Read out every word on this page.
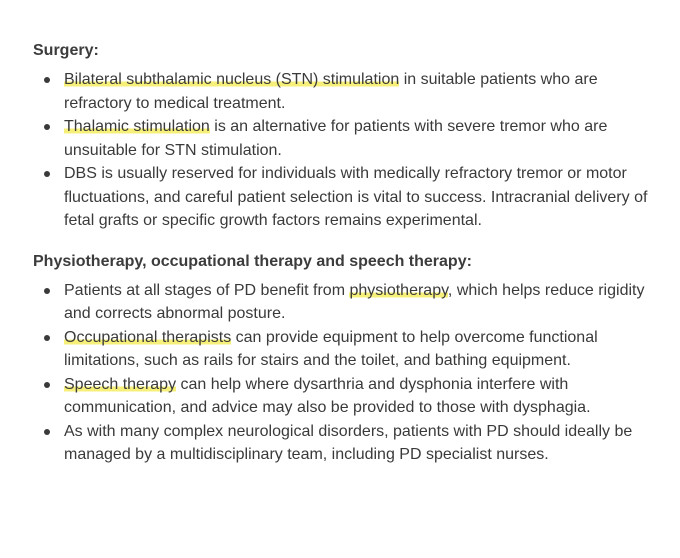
Surgery:
Bilateral subthalamic nucleus (STN) stimulation in suitable patients who are refractory to medical treatment.
Thalamic stimulation is an alternative for patients with severe tremor who are unsuitable for STN stimulation.
DBS is usually reserved for individuals with medically refractory tremor or motor fluctuations, and careful patient selection is vital to success. Intracranial delivery of fetal grafts or specific growth factors remains experimental.
Physiotherapy, occupational therapy and speech therapy:
Patients at all stages of PD benefit from physiotherapy, which helps reduce rigidity and corrects abnormal posture.
Occupational therapists can provide equipment to help overcome functional limitations, such as rails for stairs and the toilet, and bathing equipment.
Speech therapy can help where dysarthria and dysphonia interfere with communication, and advice may also be provided to those with dysphagia.
As with many complex neurological disorders, patients with PD should ideally be managed by a multidisciplinary team, including PD specialist nurses.
